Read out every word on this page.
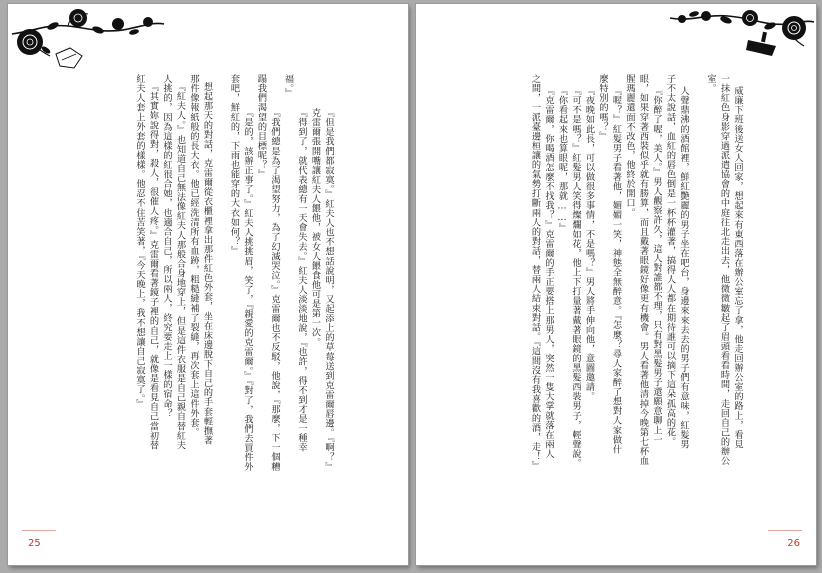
『但是我們都寂寞。』紅夫人也不想話說明，又起添上的草莓送到克雷爾唇邊。『啊？』
克雷爾張開嘴讓紅夫人餵他，被女人餵食他可是第一次。
『得到了，就代表總有一天會失去。』紅夫人淡淡地說，『也許，得不到才是一種幸
福。』
『我們總是為了渴望努力，為了幻滅哭泣。』克雷爾也不反駁，他說，『那麼，下一個糟
蹋我們渴望的目標呢？』
『是的，該辦正事了。』紅夫人挑挑眉，笑了，『親愛的克雷爾。』『對了，我們去買件外
套吧，鮮紅的，下雨也能穿的大衣如何？』
想起那天的對話，克雷爾從衣櫃裡拿出那件紅色外套，坐在床邊脫下自己的手套輕撫著
那件像報紙般的長大衣。他已經洗清所有血跡，粗糙縫補了裂縫，再次套上這件外套。
『紅夫人。』也知道自己無法像紅夫人那般合身地穿上，但是這件衣服是自己親自替紅夫
人挑的，因為這樣的紅很合她，也適合自己，所以兩人，終究要走上一樣的宿命？
『其實妳說得對，殺人，很催人疼。』克雷爾看著鏡子裡的自己，就像是看見自己當初替
紅夫人套上外套的樣樣。他忍不住苦笑著，『今天晚上，我不想讓自己寂寞了。』
25
威廉下班後送女人回家，想起來有東西落在辦公室忘了拿，他走回辦公室的路上，看見
一抹紅色身影穿過派遣協會的中庭往北走出去，他微微皺起了眉頭看看時間，走回自己的辦公
室。
人聲鼎沸的酒館裡，鮮紅艷麗的男子坐在吧台，身邊來來去去的男子們有意味，紅髮男
子不太說話，血紅的唇色倒是一杯杯灌著，搞得人人都在期待誰可以摘下這朵孤高的花。
『你醉了喔，美人。』男人觀察許久，這人對誰都不理，只有對黑髮男子還願意聊上一
眼，如果穿著西裝似乎就有勝算，而且戴著眼鏡好像更有機會。男人看著他清掉今晚第七杯血
腥瑪麗還面不改色，他終於開口。
『喔？』紅髮男子看著他，媚媚一笑，神態全無醉意。『怎麼？尋人家醉了想對人家做什
麼特別的嗎？』
『夜晚如此長，可以做很多事情，不是嗎？』男人將手伸向他，意圖邀請。
『可不是嗎？』紅髮男人笑得燦爛如花，他上下打量著戴著眼鏡的黑髮西裝男子，輕聲說。
『你看起來也算眼呢，那就……』
『克雷爾，你喝酒怎麼不找我？』克雷爾的手正要搭上那男人，突然一隻大掌就落在兩人
之間，一派臺邊桓讓的氣勢打斷兩人的對話，替兩人結束對話。『這間沒有我喜歡的酒，走！』
26
